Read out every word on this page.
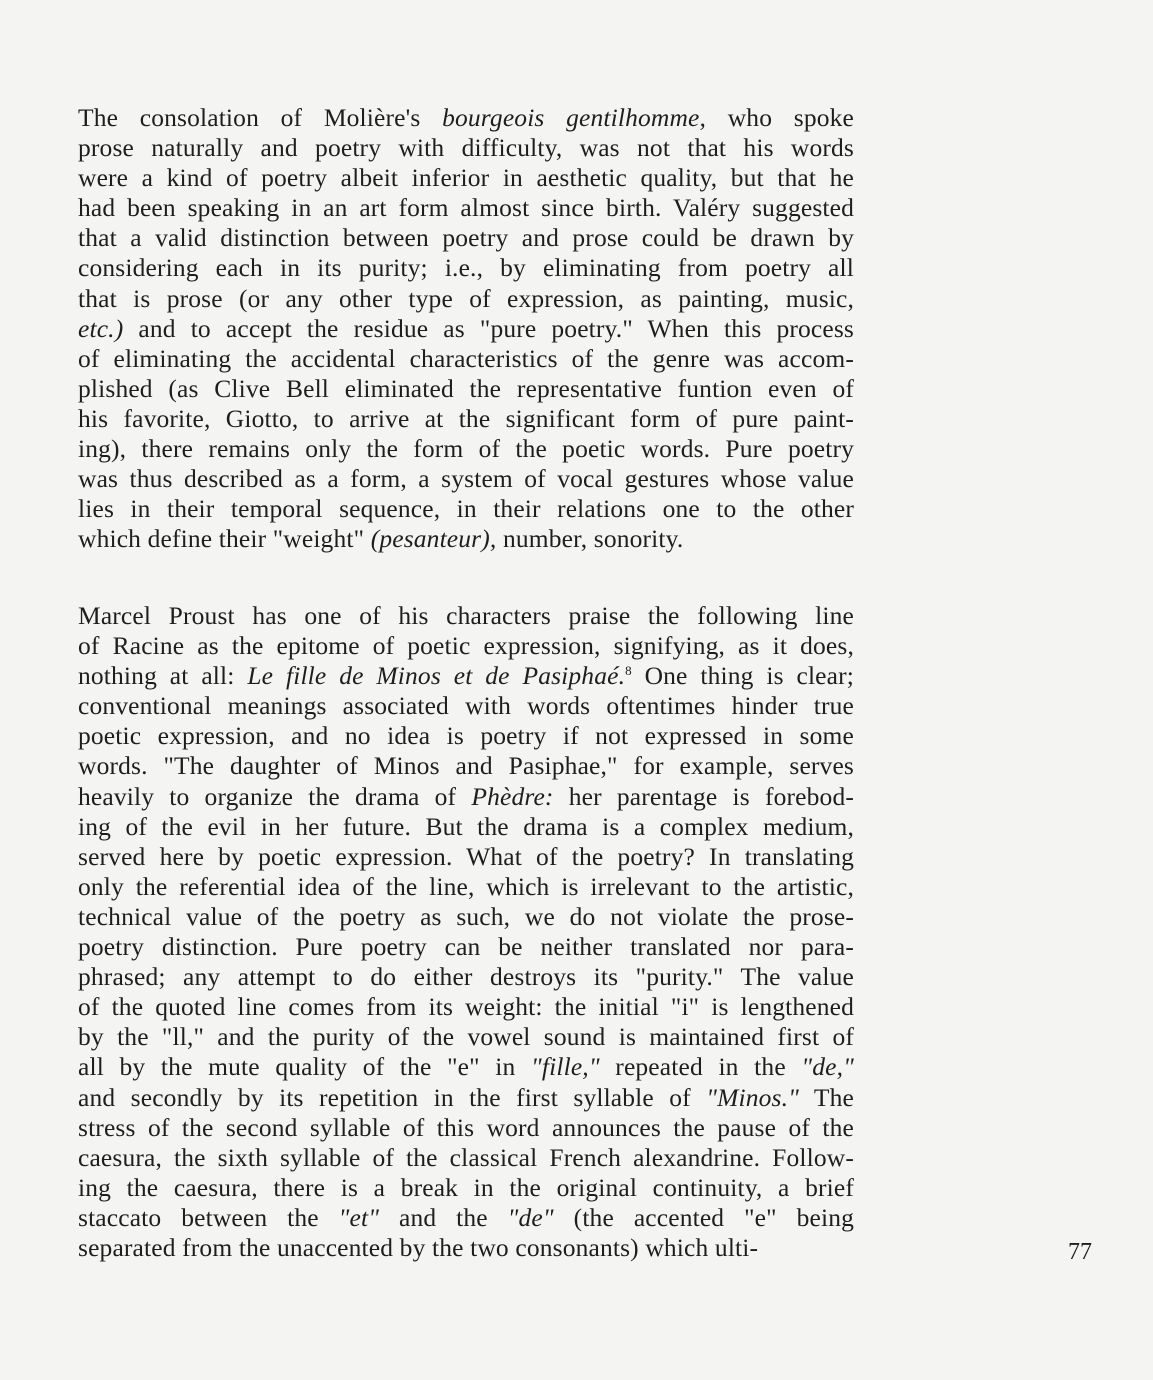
The consolation of Molière's bourgeois gentilhomme, who spoke
prose naturally and poetry with difficulty, was not that his words
were a kind of poetry albeit inferior in aesthetic quality, but that he
had been speaking in an art form almost since birth. Valéry suggested
that a valid distinction between poetry and prose could be drawn by
considering each in its purity; i.e., by eliminating from poetry all
that is prose (or any other type of expression, as painting, music,
etc.) and to accept the residue as "pure poetry." When this process
of eliminating the accidental characteristics of the genre was accom-
plished (as Clive Bell eliminated the representative funtion even of
his favorite, Giotto, to arrive at the significant form of pure paint-
ing), there remains only the form of the poetic words. Pure poetry
was thus described as a form, a system of vocal gestures whose value
lies in their temporal sequence, in their relations one to the other
which define their "weight" (pesanteur), number, sonority.
Marcel Proust has one of his characters praise the following line
of Racine as the epitome of poetic expression, signifying, as it does,
nothing at all: Le fille de Minos et de Pasiphaé.$^8$ One thing is clear;
conventional meanings associated with words oftentimes hinder true
poetic expression, and no idea is poetry if not expressed in some
words. "The daughter of Minos and Pasiphae," for example, serves
heavily to organize the drama of Phèdre: her parentage is forebod-
ing of the evil in her future. But the drama is a complex medium,
served here by poetic expression. What of the poetry? In translating
only the referential idea of the line, which is irrelevant to the artistic,
technical value of the poetry as such, we do not violate the prose-
poetry distinction. Pure poetry can be neither translated nor para-
phrased; any attempt to do either destroys its "purity." The value
of the quoted line comes from its weight: the initial "i" is lengthened
by the "ll," and the purity of the vowel sound is maintained first of
all by the mute quality of the "e" in "fille," repeated in the "de,"
and secondly by its repetition in the first syllable of "Minos." The
stress of the second syllable of this word announces the pause of the
caesura, the sixth syllable of the classical French alexandrine. Follow-
ing the caesura, there is a break in the original continuity, a brief
staccato between the "et" and the "de" (the accented "e" being
separated from the unaccented by the two consonants) which ulti-	77
